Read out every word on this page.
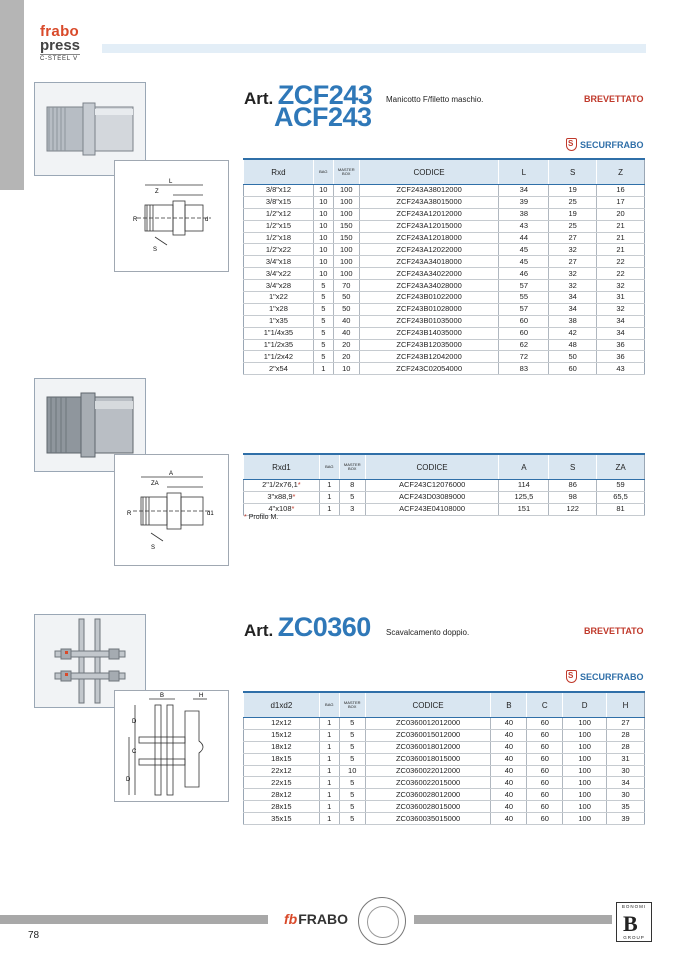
frabo
press
C-STEEL V
L
Z
S
R	d
Art. ZCF243
ACF243
Manicotto F/filetto maschio.	BREVETTATO
S SECURFRABO
Rxd	BAG	MASTER BOX	CODICE	L	S	Z
3/8"x12	10	100	ZCF243A38012000	34	19	16
3/8"x15	10	100	ZCF243A38015000	39	25	17
1/2"x12	10	100	ZCF243A12012000	38	19	20
1/2"x15	10	150	ZCF243A12015000	43	25	21
1/2"x18	10	150	ZCF243A12018000	44	27	21
1/2"x22	10	100	ZCF243A12022000	45	32	21
3/4"x18	10	100	ZCF243A34018000	45	27	22
3/4"x22	10	100	ZCF243A34022000	46	32	22
3/4"x28	5	70	ZCF243A34028000	57	32	32
1"x22	5	50	ZCF243B01022000	55	34	31
1"x28	5	50	ZCF243B01028000	57	34	32
1"x35	5	40	ZCF243B01035000	60	38	34
1"1/4x35	5	40	ZCF243B14035000	60	42	34
1"1/2x35	5	20	ZCF243B12035000	62	48	36
1"1/2x42	5	20	ZCF243B12042000	72	50	36
2"x54	1	10	ZCF243C02054000	83	60	43
A
ZA
S
R	d1
Rxd1	BAG	MASTER BOX	CODICE	A	S	ZA
2"1/2x76,1*	1	8	ACF243C12076000	114	86	59
3"x88,9*	1	5	ACF243D03089000	125,5	98	65,5
4"x108*	1	3	ACF243E04108000	151	122	81
* Profilo M.
B	H
D
C
D
Art. ZC0360 Scavalcamento doppio.	BREVETTATO
S SECURFRABO
d1xd2	BAG	MASTER BOX	CODICE	B	C	D	H
12x12	1	5	ZC0360012012000	40	60	100	27
15x12	1	5	ZC0360015012000	40	60	100	28
18x12	1	5	ZC0360018012000	40	60	100	28
18x15	1	5	ZC0360018015000	40	60	100	31
22x12	1	10	ZC0360022012000	40	60	100	30
22x15	1	5	ZC0360022015000	40	60	100	34
28x12	1	5	ZC0360028012000	40	60	100	30
28x15	1	5	ZC0360028015000	40	60	100	35
35x15	1	5	ZC0360035015000	40	60	100	39
78
fb FRABO
BONOMI
B
GROUP
